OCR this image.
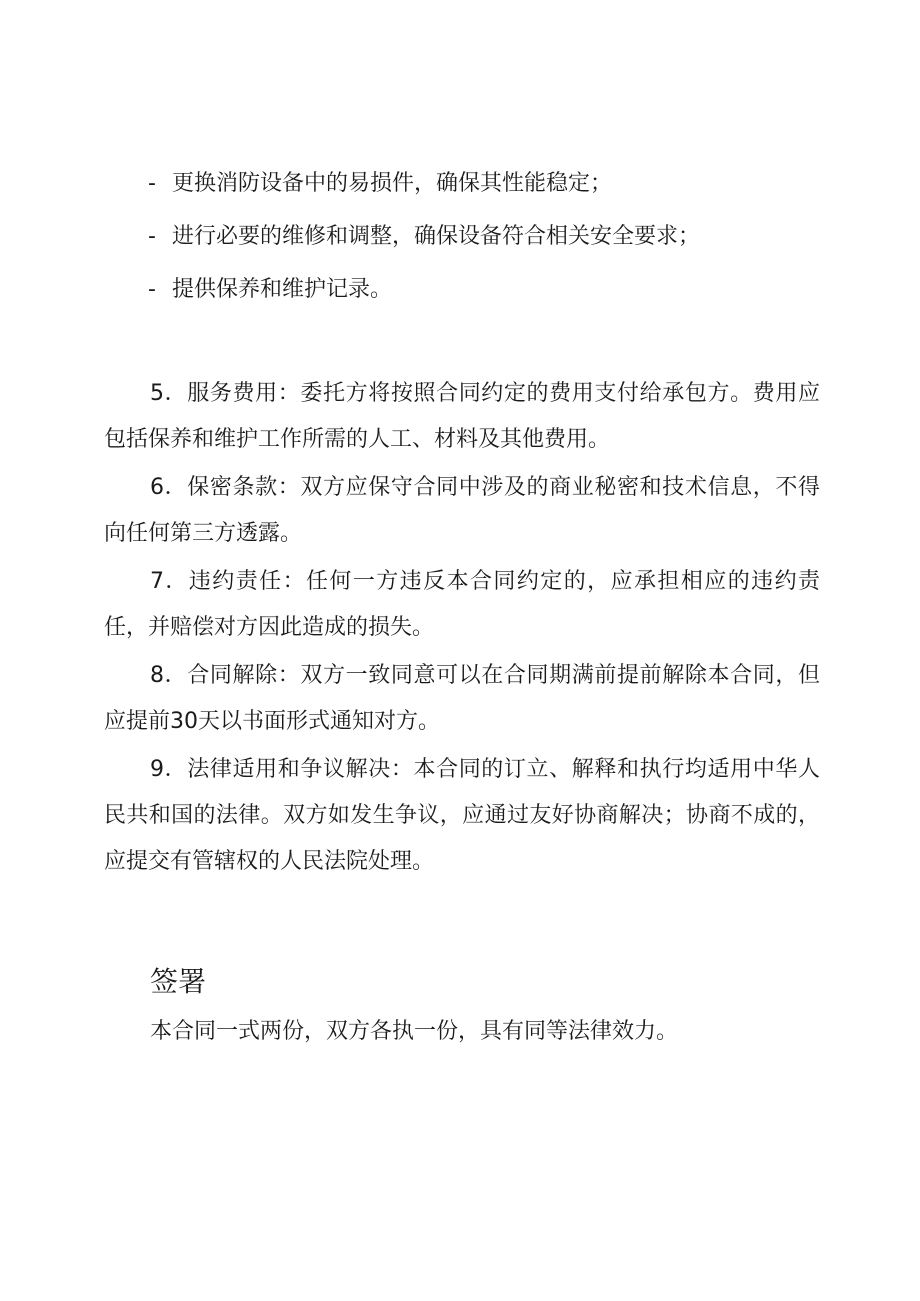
- 更换消防设备中的易损件，确保其性能稳定；
- 进行必要的维修和调整，确保设备符合相关安全要求；
- 提供保养和维护记录。

5．服务费用：委托方将按照合同约定的费用支付给承包方。费用应包括保养和维护工作所需的人工、材料及其他费用。

6．保密条款：双方应保守合同中涉及的商业秘密和技术信息，不得向任何第三方透露。

7．违约责任：任何一方违反本合同约定的，应承担相应的违约责任，并赔偿对方因此造成的损失。

8．合同解除：双方一致同意可以在合同期满前提前解除本合同，但应提前30天以书面形式通知对方。

9．法律适用和争议解决：本合同的订立、解释和执行均适用中华人民共和国的法律。双方如发生争议，应通过友好协商解决；协商不成的，应提交有管辖权的人民法院处理。

签署

本合同一式两份，双方各执一份，具有同等法律效力。
